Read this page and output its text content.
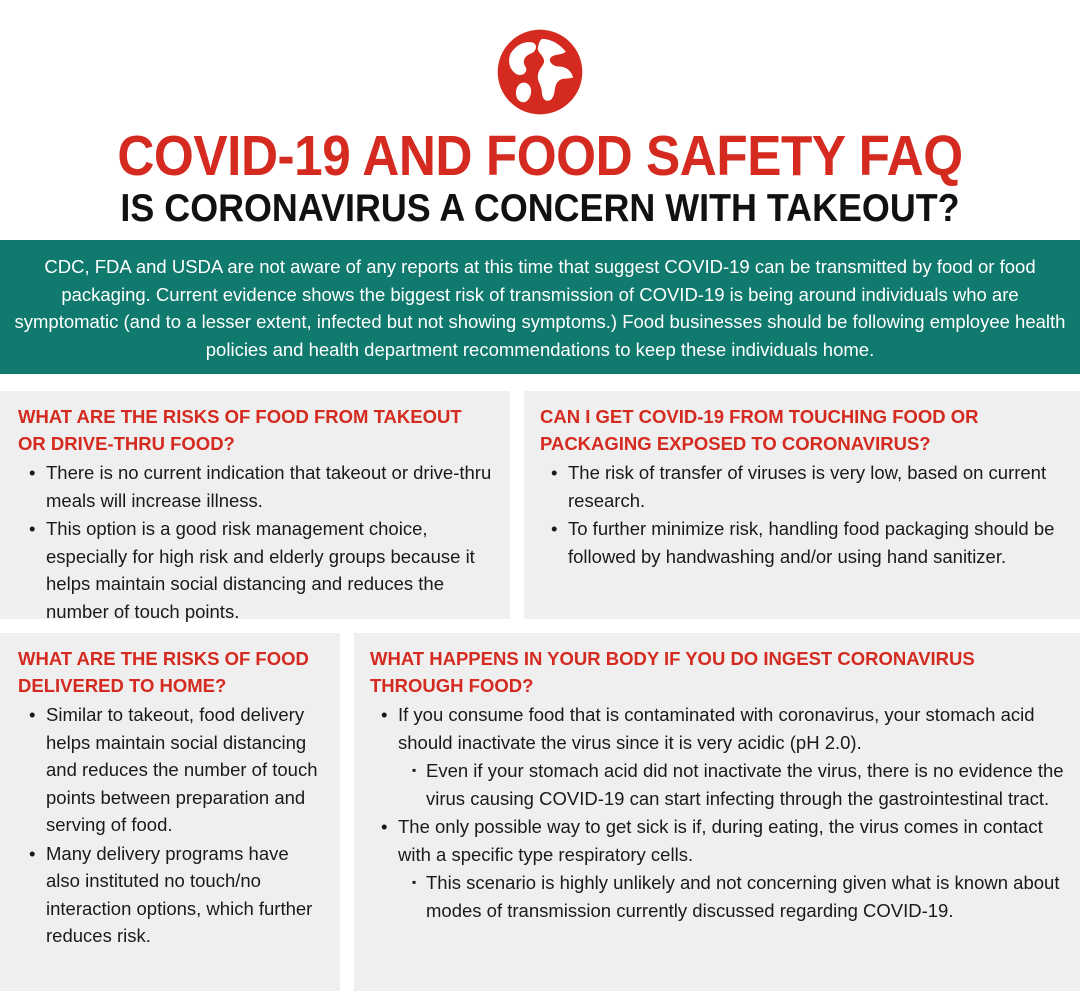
COVID-19 AND FOOD SAFETY FAQ
IS CORONAVIRUS A CONCERN WITH TAKEOUT?
CDC, FDA and USDA are not aware of any reports at this time that suggest COVID-19 can be transmitted by food or food packaging. Current evidence shows the biggest risk of transmission of COVID-19 is being around individuals who are symptomatic (and to a lesser extent, infected but not showing symptoms.) Food businesses should be following employee health policies and health department recommendations to keep these individuals home.
WHAT ARE THE RISKS OF FOOD FROM TAKEOUT OR DRIVE-THRU FOOD?
• There is no current indication that takeout or drive-thru meals will increase illness.
• This option is a good risk management choice, especially for high risk and elderly groups because it helps maintain social distancing and reduces the number of touch points.
CAN I GET COVID-19 FROM TOUCHING FOOD OR PACKAGING EXPOSED TO CORONAVIRUS?
• The risk of transfer of viruses is very low, based on current research.
• To further minimize risk, handling food packaging should be followed by handwashing and/or using hand sanitizer.
WHAT ARE THE RISKS OF FOOD DELIVERED TO HOME?
• Similar to takeout, food delivery helps maintain social distancing and reduces the number of touch points between preparation and serving of food.
• Many delivery programs have also instituted no touch/no interaction options, which further reduces risk.
WHAT HAPPENS IN YOUR BODY IF YOU DO INGEST CORONAVIRUS THROUGH FOOD?
• If you consume food that is contaminated with coronavirus, your stomach acid should inactivate the virus since it is very acidic (pH 2.0).
▪ Even if your stomach acid did not inactivate the virus, there is no evidence the virus causing COVID-19 can start infecting through the gastrointestinal tract.
• The only possible way to get sick is if, during eating, the virus comes in contact with a specific type respiratory cells.
▪ This scenario is highly unlikely and not concerning given what is known about modes of transmission currently discussed regarding COVID-19.
